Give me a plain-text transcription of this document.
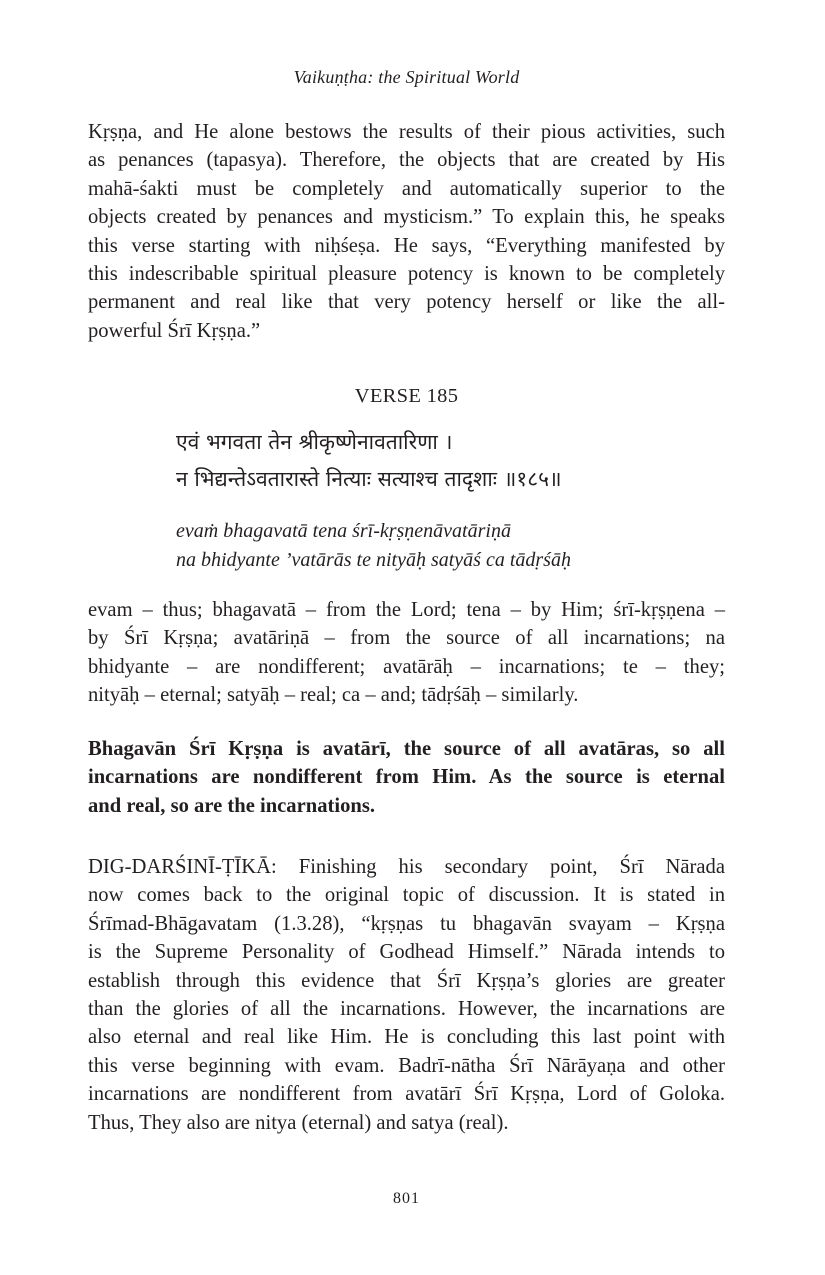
Vaikuṇṭha: the Spiritual World

Kṛṣṇa, and He alone bestows the results of their pious activities, such
as penances (tapasya). Therefore, the objects that are created by His
mahā-śakti must be completely and automatically superior to the
objects created by penances and mysticism.” To explain this, he speaks
this verse starting with niḥśeṣa. He says, “Everything manifested by
this indescribable spiritual pleasure potency is known to be completely
permanent and real like that very potency herself or like the all-
powerful Śrī Kṛṣṇa.”

VERSE 185
एवं भगवता तेन श्रीकृष्णेनावतारिणा ।
न भिद्यन्तेऽवतारास्ते नित्याः सत्याश्च तादृशाः ॥१८५॥
evaṁ bhagavatā tena śrī-kṛṣṇenāvatāriṇā
na bhidyante ’vatārās te nityāḥ satyāś ca tādṛśāḥ

evam – thus; bhagavatā – from the Lord; tena – by Him; śrī-kṛṣṇena –
by Śrī Kṛṣṇa; avatāriṇā – from the source of all incarnations; na
bhidyante – are nondifferent; avatārāḥ – incarnations; te – they;
nityāḥ – eternal; satyāḥ – real; ca – and; tādṛśāḥ – similarly.

Bhagavān Śrī Kṛṣṇa is avatārī, the source of all avatāras, so all
incarnations are nondifferent from Him. As the source is eternal
and real, so are the incarnations.

DIG-DARŚINĪ-ṬĪKĀ: Finishing his secondary point, Śrī Nārada
now comes back to the original topic of discussion. It is stated in
Śrīmad-Bhāgavatam (1.3.28), “kṛṣṇas tu bhagavān svayam – Kṛṣṇa
is the Supreme Personality of Godhead Himself.” Nārada intends to
establish through this evidence that Śrī Kṛṣṇa’s glories are greater
than the glories of all the incarnations. However, the incarnations are
also eternal and real like Him. He is concluding this last point with
this verse beginning with evam. Badrī-nātha Śrī Nārāyaṇa and other
incarnations are nondifferent from avatārī Śrī Kṛṣṇa, Lord of Goloka.
Thus, They also are nitya (eternal) and satya (real).

801
